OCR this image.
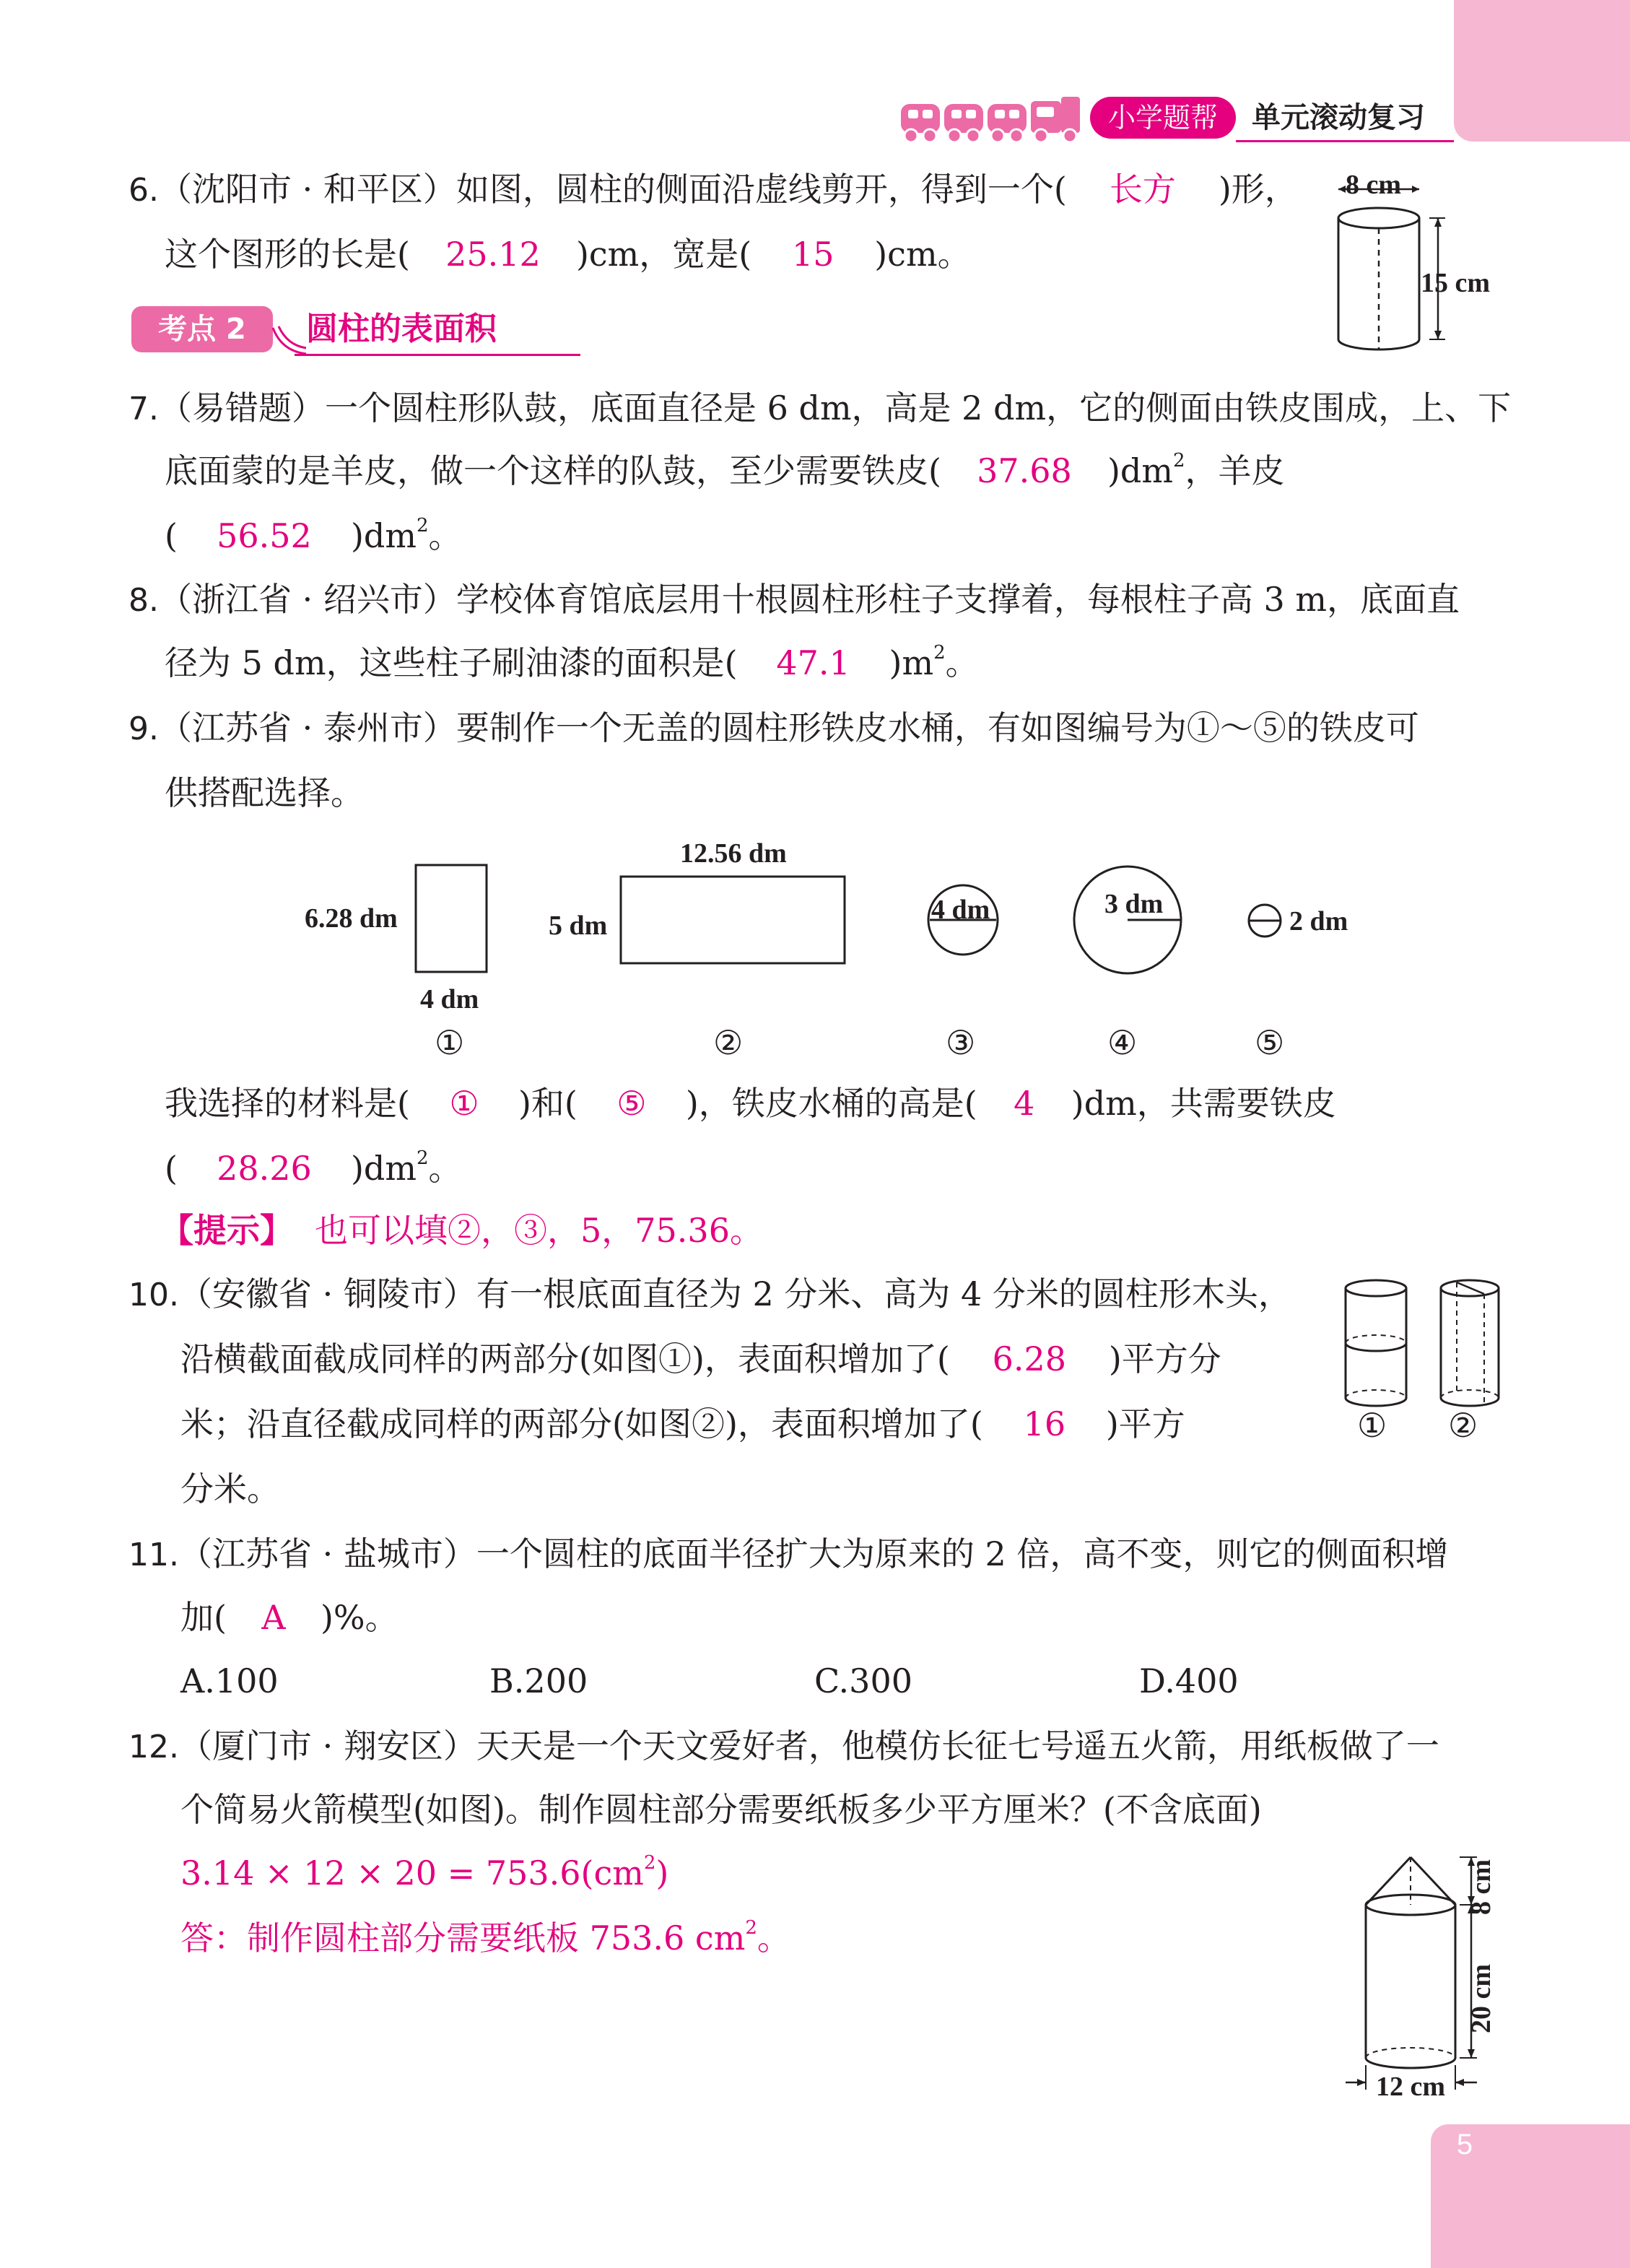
小学题帮	单元滚动复习
6.（沈阳市 · 和平区）如图，圆柱的侧面沿虚线剪开，得到一个( 长方 )形，
这个图形的长是( 25.12 )cm，宽是( 15 )cm。
8 cm
15 cm
考点 2	圆柱的表面积
7.（易错题）一个圆柱形队鼓，底面直径是 6 dm，高是 2 dm，它的侧面由铁皮围成，上、下
底面蒙的是羊皮，做一个这样的队鼓，至少需要铁皮( 37.68 )$dm^2$，羊皮
( 56.52 )$dm^2$。
8.（浙江省 · 绍兴市）学校体育馆底层用十根圆柱形柱子支撑着，每根柱子高 3 m，底面直
径为 5 dm，这些柱子刷油漆的面积是( 47.1 )$m^2$。
9.（江苏省 · 泰州市）要制作一个无盖的圆柱形铁皮水桶，有如图编号为①～⑤的铁皮可
供搭配选择。
6.28 dm
4 dm
12.56 dm
5 dm
4 dm	3 dm
2 dm
①	②	③	④	⑤
我选择的材料是( ① )和( ⑤ )，铁皮水桶的高是( 4 )dm，共需要铁皮
( 28.26 )$dm^2$。
【提示】 也可以填②，③，5，75.36。
10.（安徽省 · 铜陵市）有一根底面直径为 2 分米、高为 4 分米的圆柱形木头，
沿横截面截成同样的两部分(如图①)，表面积增加了( 6.28 )平方分
米；沿直径截成同样的两部分(如图②)，表面积增加了( 16 )平方
分米。
① ②
11.（江苏省 · 盐城市）一个圆柱的底面半径扩大为原来的 2 倍，高不变，则它的侧面积增
加( A )%。
A.100	B.200	C.300	D.400
12.（厦门市 · 翔安区）天天是一个天文爱好者，他模仿长征七号遥五火箭，用纸板做了一
个简易火箭模型(如图)。制作圆柱部分需要纸板多少平方厘米？(不含底面)
$3.14 \times 12 \times 20 = 753.6(cm^2)$
答：制作圆柱部分需要纸板 753.6 $cm^2$。
8 cm
20 cm
12 cm
5
